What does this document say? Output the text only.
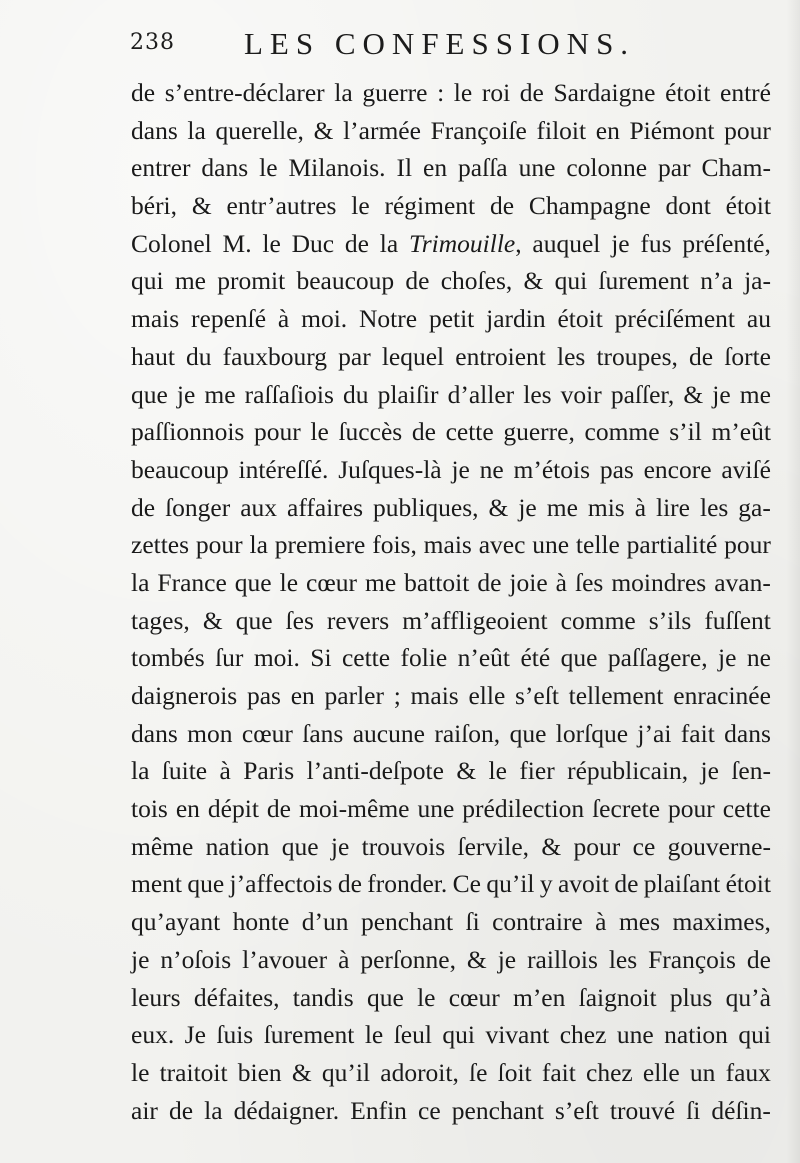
238 LES CONFESSIONS.
de s’entre-déclarer la guerre : le roi de Sardaigne étoit entré
dans la querelle, & l’armée Françoiſe filoit en Piémont pour
entrer dans le Milanois. Il en paſſa une colonne par Cham-
béri, & entr’autres le régiment de Champagne dont étoit
Colonel M. le Duc de la Trimouille, auquel je fus préſenté,
qui me promit beaucoup de choſes, & qui ſurement n’a ja-
mais repenſé à moi. Notre petit jardin étoit préciſément au
haut du fauxbourg par lequel entroient les troupes, de ſorte
que je me raſſaſiois du plaiſir d’aller les voir paſſer, & je me
paſſionnois pour le ſuccès de cette guerre, comme s’il m’eût
beaucoup intéreſſé. Juſques-là je ne m’étois pas encore aviſé
de ſonger aux affaires publiques, & je me mis à lire les ga-
zettes pour la premiere fois, mais avec une telle partialité pour
la France que le cœur me battoit de joie à ſes moindres avan-
tages, & que ſes revers m’affligeoient comme s’ils fuſſent
tombés ſur moi. Si cette folie n’eût été que paſſagere, je ne
daignerois pas en parler ; mais elle s’eſt tellement enracinée
dans mon cœur ſans aucune raiſon, que lorſque j’ai fait dans
la ſuite à Paris l’anti-deſpote & le fier républicain, je ſen-
tois en dépit de moi-même une prédilection ſecrete pour cette
même nation que je trouvois ſervile, & pour ce gouverne-
ment que j’affectois de fronder. Ce qu’il y avoit de plaiſant étoit
qu’ayant honte d’un penchant ſi contraire à mes maximes,
je n’oſois l’avouer à perſonne, & je raillois les François de
leurs défaites, tandis que le cœur m’en ſaignoit plus qu’à
eux. Je ſuis ſurement le ſeul qui vivant chez une nation qui
le traitoit bien & qu’il adoroit, ſe ſoit fait chez elle un faux
air de la dédaigner. Enfin ce penchant s’eſt trouvé ſi déſin-
